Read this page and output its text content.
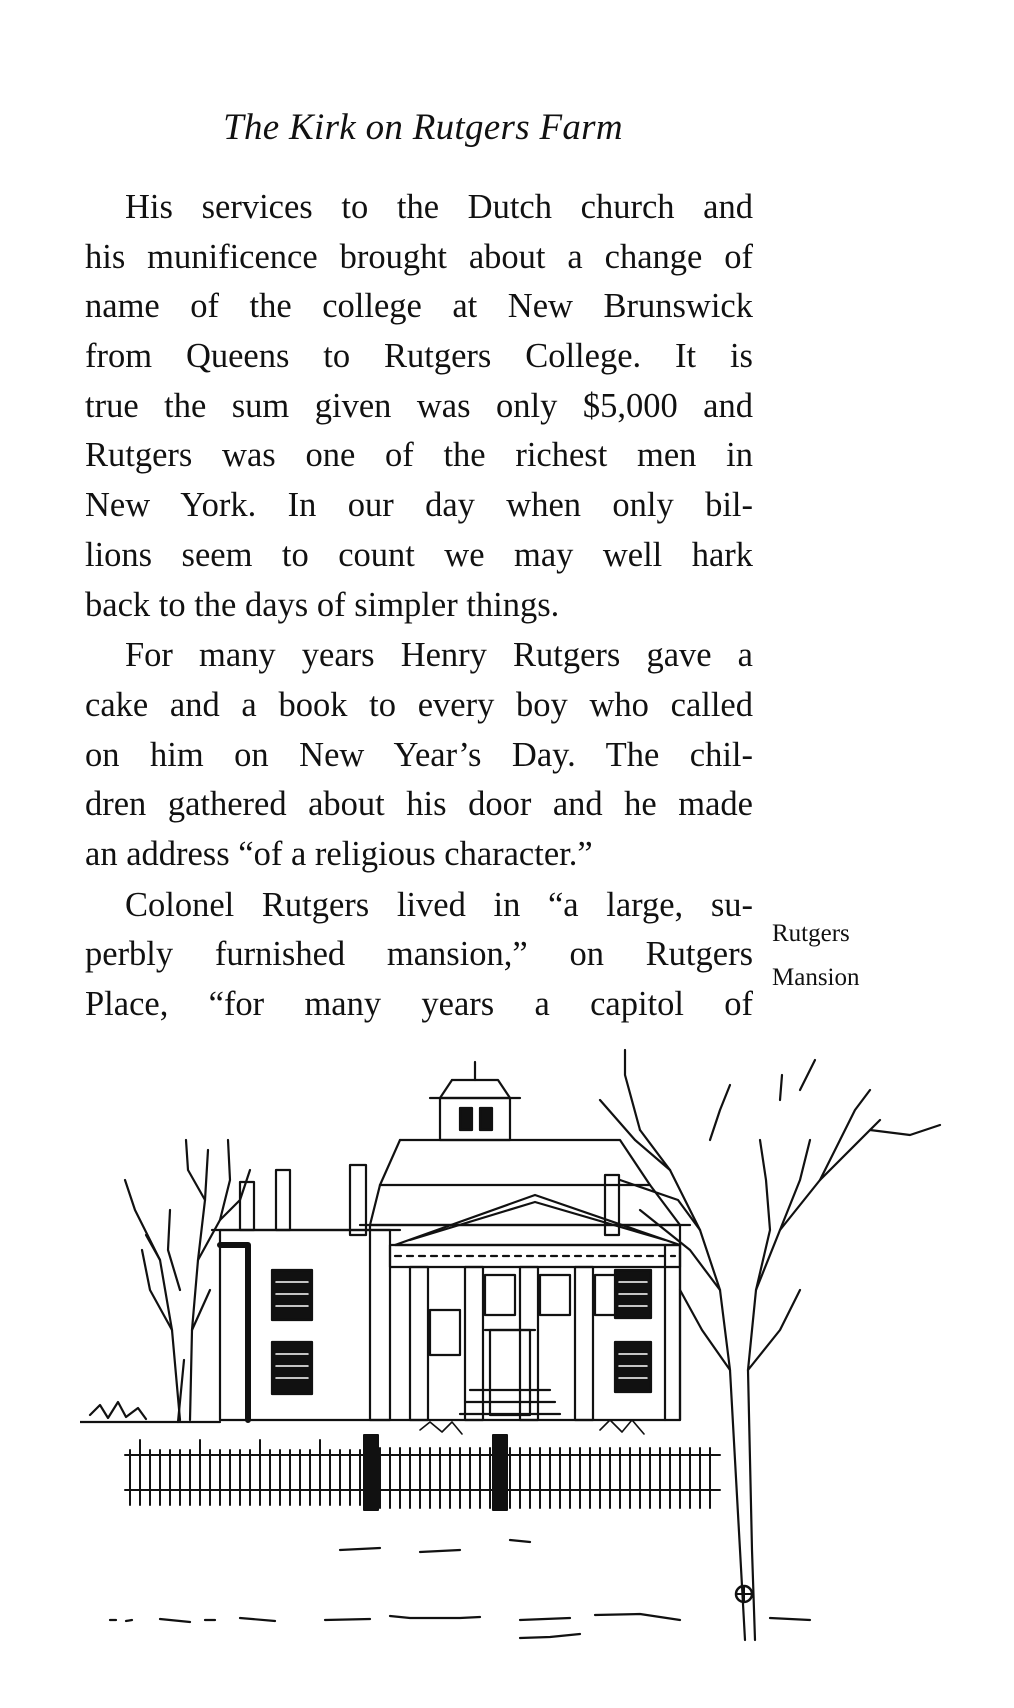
The Kirk on Rutgers Farm
His services to the Dutch church and
his munificence brought about a change of
name of the college at New Brunswick
from Queens to Rutgers College. It is
true the sum given was only $5,000 and
Rutgers was one of the richest men in
New York. In our day when only bil-
lions seem to count we may well hark
back to the days of simpler things.
For many years Henry Rutgers gave a
cake and a book to every boy who called
on him on New Year’s Day. The chil-
dren gathered about his door and he made
an address “of a religious character.”
Colonel Rutgers lived in “a large, su-
perbly furnished mansion,” on Rutgers
Place, “for many years a capitol of
Rutgers
Mansion
